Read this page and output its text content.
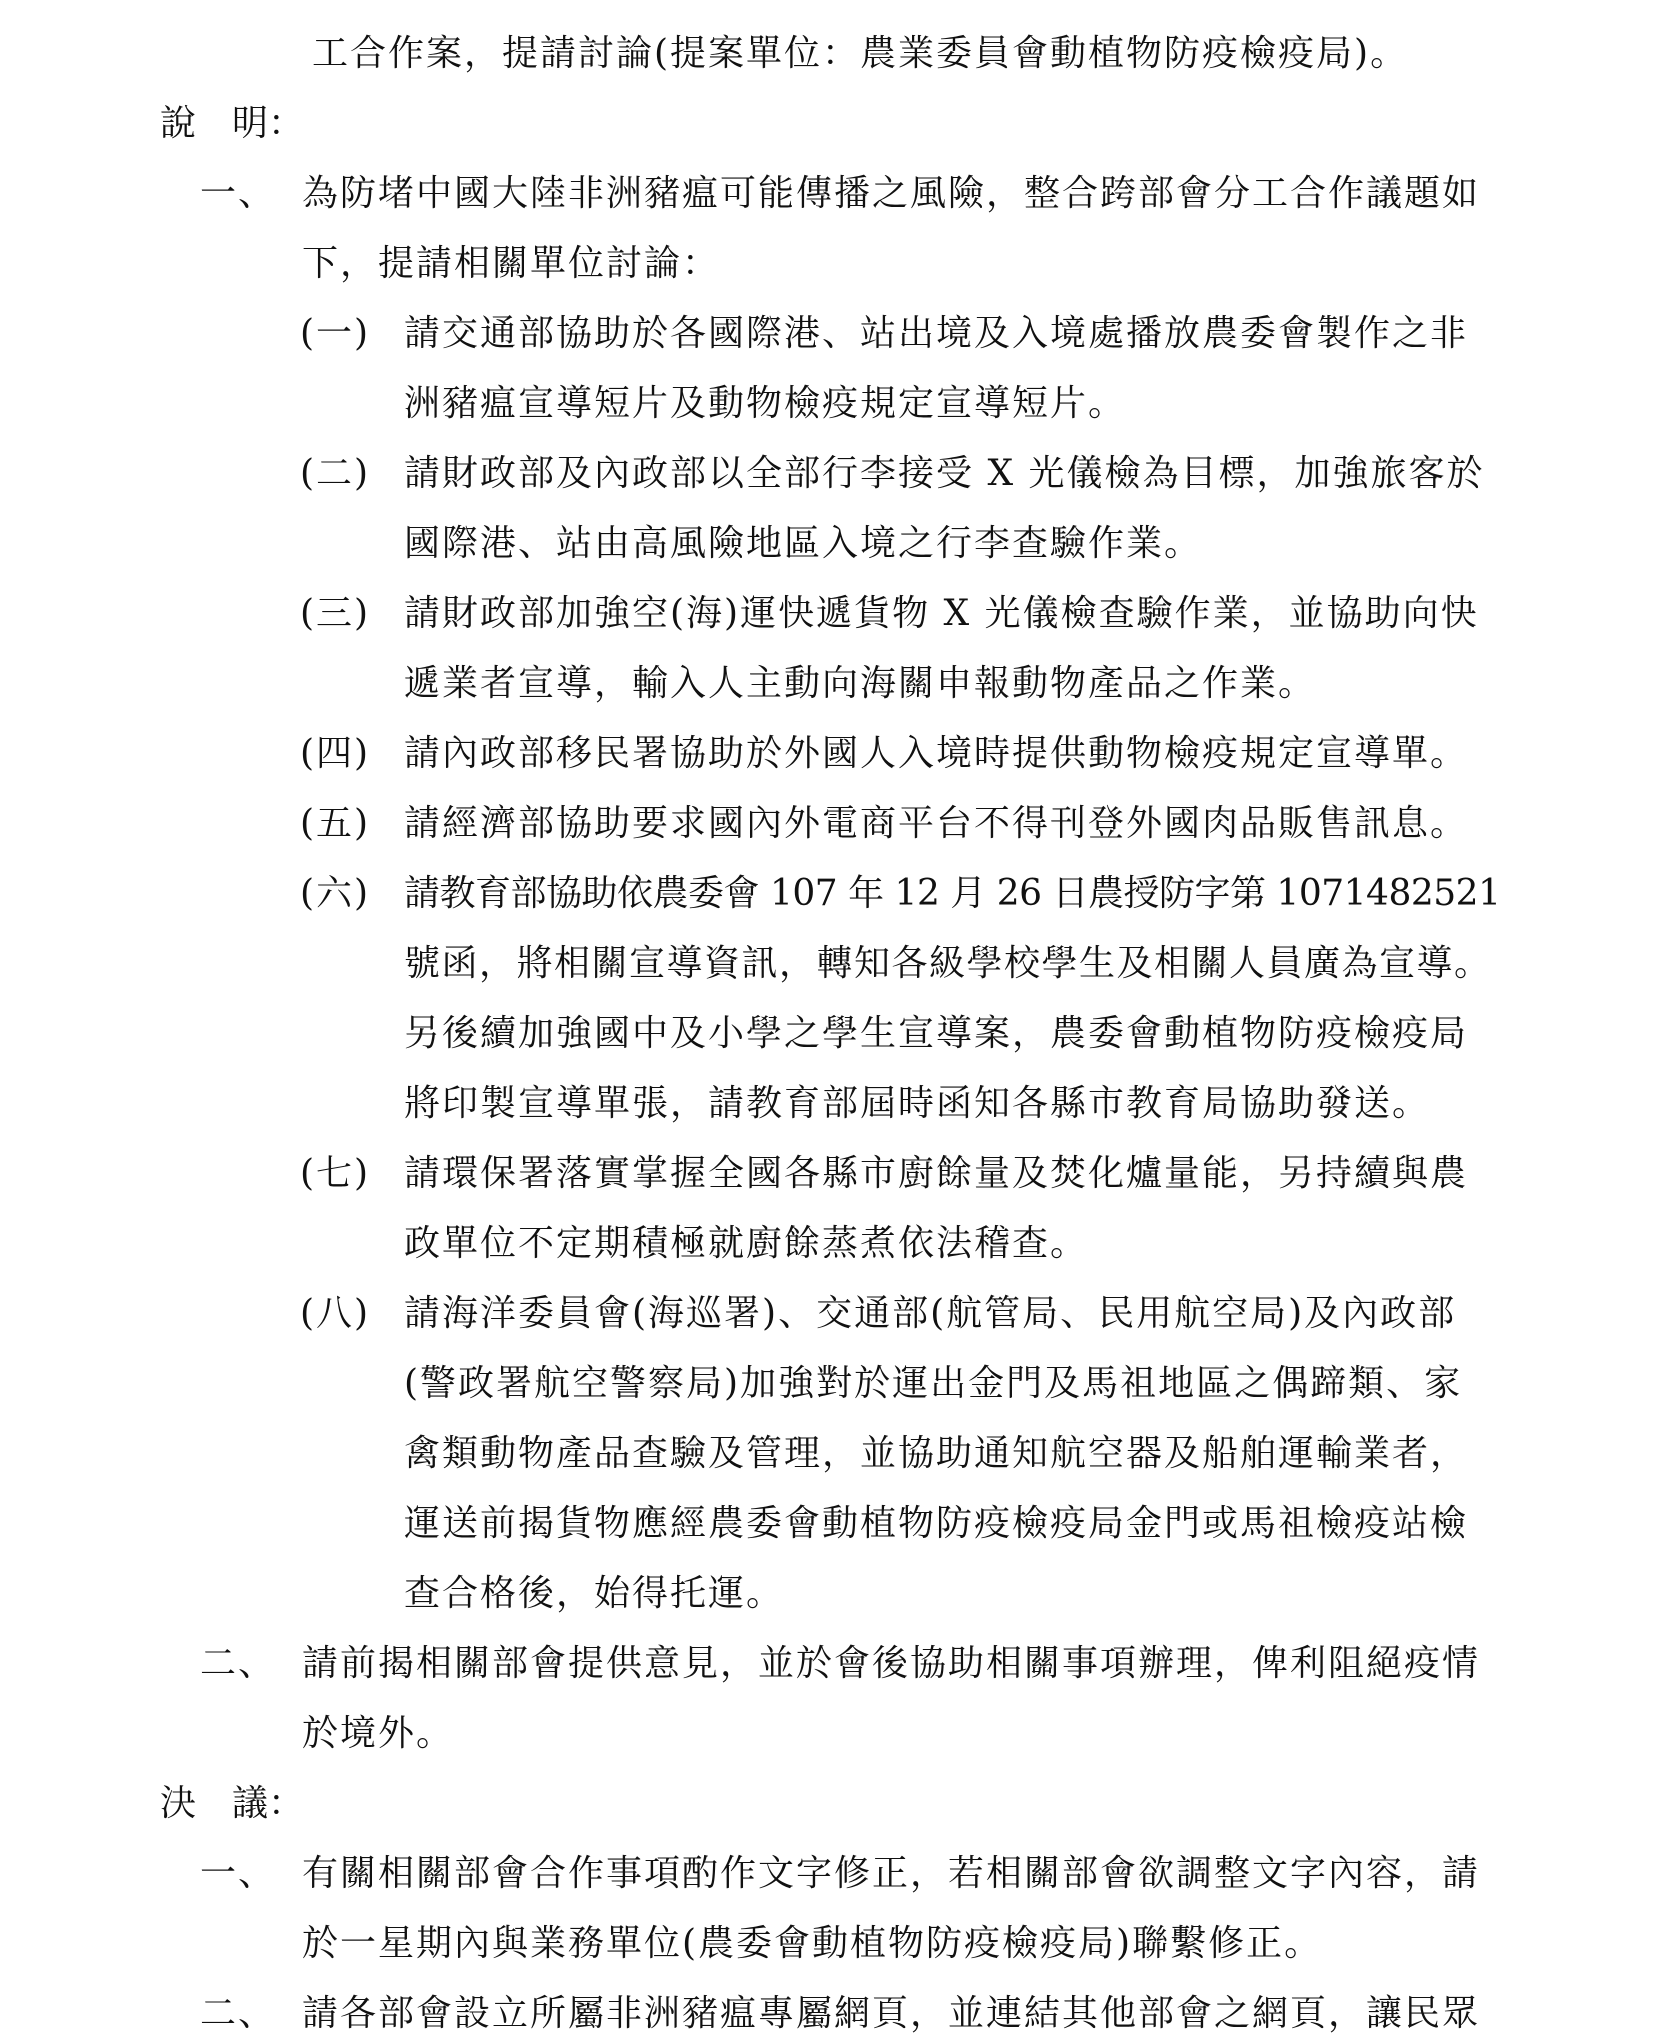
工合作案，提請討論(提案單位：農業委員會動植物防疫檢疫局)。
說 明：
一、 為防堵中國大陸非洲豬瘟可能傳播之風險，整合跨部會分工合作議題如
下，提請相關單位討論：
(一) 請交通部協助於各國際港、站出境及入境處播放農委會製作之非
洲豬瘟宣導短片及動物檢疫規定宣導短片。
(二) 請財政部及內政部以全部行李接受 X 光儀檢為目標，加強旅客於
國際港、站由高風險地區入境之行李查驗作業。
(三) 請財政部加強空(海)運快遞貨物 X 光儀檢查驗作業，並協助向快
遞業者宣導，輸入人主動向海關申報動物產品之作業。
(四) 請內政部移民署協助於外國人入境時提供動物檢疫規定宣導單。
(五) 請經濟部協助要求國內外電商平台不得刊登外國肉品販售訊息。
(六) 請教育部協助依農委會 107 年 12 月 26 日農授防字第 1071482521
號函，將相關宣導資訊，轉知各級學校學生及相關人員廣為宣導。
另後續加強國中及小學之學生宣導案，農委會動植物防疫檢疫局
將印製宣導單張，請教育部屆時函知各縣市教育局協助發送。
(七) 請環保署落實掌握全國各縣市廚餘量及焚化爐量能，另持續與農
政單位不定期積極就廚餘蒸煮依法稽查。
(八) 請海洋委員會(海巡署)、交通部(航管局、民用航空局)及內政部
(警政署航空警察局)加強對於運出金門及馬祖地區之偶蹄類、家
禽類動物產品查驗及管理，並協助通知航空器及船舶運輸業者，
運送前揭貨物應經農委會動植物防疫檢疫局金門或馬祖檢疫站檢
查合格後，始得托運。
二、 請前揭相關部會提供意見，並於會後協助相關事項辦理，俾利阻絕疫情
於境外。
決 議：
一、 有關相關部會合作事項酌作文字修正，若相關部會欲調整文字內容，請
於一星期內與業務單位(農委會動植物防疫檢疫局)聯繫修正。
二、 請各部會設立所屬非洲豬瘟專屬網頁，並連結其他部會之網頁，讓民眾
